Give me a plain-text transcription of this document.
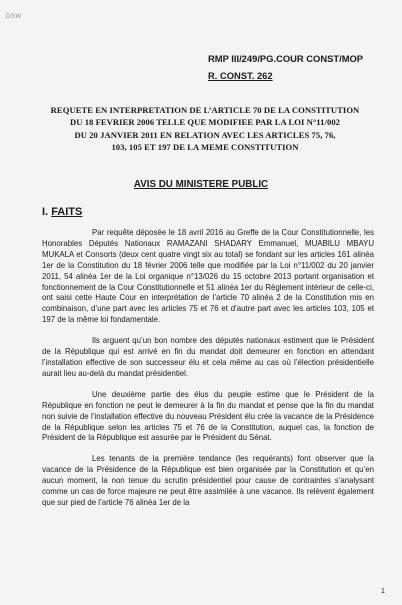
DSW
RMP III/249/PG.COUR CONST/MOP
R. CONST. 262
REQUETE EN INTERPRETATION DE L’ARTICLE 70 DE LA CONSTITUTION
DU 18 FEVRIER 2006 TELLE QUE MODIFIEE PAR LA LOI N°11/002
DU 20 JANVIER 2011 EN RELATION AVEC LES ARTICLES 75, 76,
103, 105 ET 197 DE LA MEME CONSTITUTION
AVIS DU MINISTERE PUBLIC
I. FAITS

Par requête déposée le 18 avril 2016 au Greffe de la Cour Constitutionnelle, les Honorables Députés Nationaux RAMAZANI SHADARY Emmanuel, MUABILU MBAYU MUKALA et Consorts (deux cent quatre vingt six au total) se fondant sur les articles 161 alinéa 1er de la Constitution du 18 février 2006 telle que modifiée par la Loi n°11/002 du 20 janvier 2011, 54 alinéa 1er de la Loi organique n°13/026 du 15 octobre 2013 portant organisation et fonctionnement de la Cour Constitutionnelle et 51 alinéa 1er du Règlement intérieur de celle-ci, ont saisi cette Haute Cour en interprétation de l’article 70 alinéa 2 de la Constitution mis en combinaison, d’une part avec les articles 75 et 76 et d’autre part avec les articles 103, 105 et 197 de la même loi fondamentale.

Ils arguent qu’un bon nombre des députés nationaux estiment que le Président de la République qui est arrivé en fin du mandat doit demeurer en fonction en attendant l’installation effective de son successeur élu et cela même au cas où l’élection présidentielle aurait lieu au-delà du mandat présidentiel.

Une deuxième partie des élus du peuple estime que le Président de la République en fonction ne peut le demeurer à la fin du mandat et pense que la fin du mandat non suivie de l’installation effective du nouveau Président élu crée la vacance de la Présidence de la République selon les articles 75 et 76 de la Constitution, auquel cas, la fonction de Président de la République est assurée par le Président du Sénat.

Les tenants de la première tendance (les requérants) font observer que la vacance de la Présidence de la République est bien organisée par la Constitution et qu’en aucun moment, la non tenue du scrutin présidentiel pour cause de contraintes s’analysant comme un cas de force majeure ne peut être assimilée à une vacance. Ils relèvent également que sur pied de l’article 76 alinéa 1er de la

1
